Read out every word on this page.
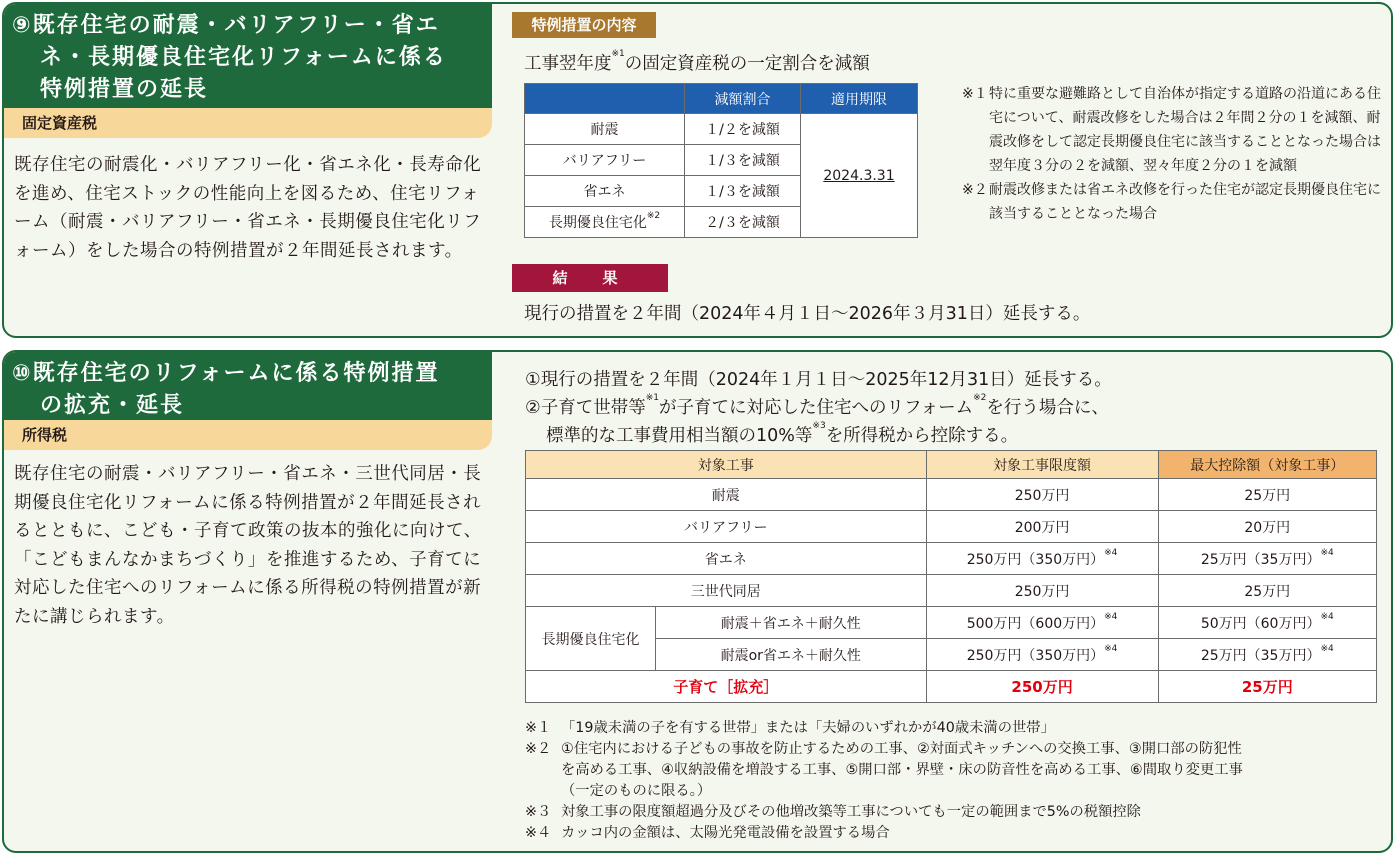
⑨既存住宅の耐震・バリアフリー・省エ
ネ・長期優良住宅化リフォームに係る
特例措置の延長
固定資産税
既存住宅の耐震化・バリアフリー化・省エネ化・長寿命化を進め、住宅ストックの性能向上を図るため、住宅リフォーム（耐震・バリアフリー・省エネ・長期優良住宅化リフォーム）をした場合の特例措置が２年間延長されます。
特例措置の内容
工事翌年度$^{※1}$の固定資産税の一定割合を減額
	減額割合	適用期限
耐震	１/２を減額	2024.3.31
バリアフリー	１/３を減額	
省エネ	１/３を減額	
長期優良住宅化$^{※2}$	２/３を減額	
※１ 特に重要な避難路として自治体が指定する道路の沿道にある住宅について、耐震改修をした場合は２年間２分の１を減額、耐震改修をして認定長期優良住宅に該当することとなった場合は翌年度３分の２を減額、翌々年度２分の１を減額
※２ 耐震改修または省エネ改修を行った住宅が認定長期優良住宅に該当することとなった場合
結　果
現行の措置を２年間（2024年４月１日～2026年３月31日）延長する。
⑩既存住宅のリフォームに係る特例措置
の拡充・延長
所得税
既存住宅の耐震・バリアフリー・省エネ・三世代同居・長期優良住宅化リフォームに係る特例措置が２年間延長されるとともに、こども・子育て政策の抜本的強化に向けて、「こどもまんなかまちづくり」を推進するため、子育てに対応した住宅へのリフォームに係る所得税の特例措置が新たに講じられます。
①現行の措置を２年間（2024年１月１日～2025年12月31日）延長する。
②子育て世帯等$^{※1}$が子育てに対応した住宅へのリフォーム$^{※2}$を行う場合に、
標準的な工事費用相当額の10%等$^{※3}$を所得税から控除する。
対象工事		対象工事限度額	最大控除額（対象工事）
耐震		250万円	25万円
バリアフリー		200万円	20万円
省エネ		250万円（350万円）$^{※4}$	25万円（35万円）$^{※4}$
三世代同居		250万円	25万円
長期優良住宅化	耐震＋省エネ＋耐久性	500万円（600万円）$^{※4}$	50万円（60万円）$^{※4}$
	耐震or省エネ＋耐久性	250万円（350万円）$^{※4}$	25万円（35万円）$^{※4}$
子育て［拡充］		250万円	25万円
※１ 「19歳未満の子を有する世帯」または「夫婦のいずれかが40歳未満の世帯」
※２ ①住宅内における子どもの事故を防止するための工事、②対面式キッチンへの交換工事、③開口部の防犯性
を高める工事、④収納設備を増設する工事、⑤開口部・界壁・床の防音性を高める工事、⑥間取り変更工事
（一定のものに限る。）
※３ 対象工事の限度額超過分及びその他増改築等工事についても一定の範囲まで5%の税額控除
※４ カッコ内の金額は、太陽光発電設備を設置する場合
